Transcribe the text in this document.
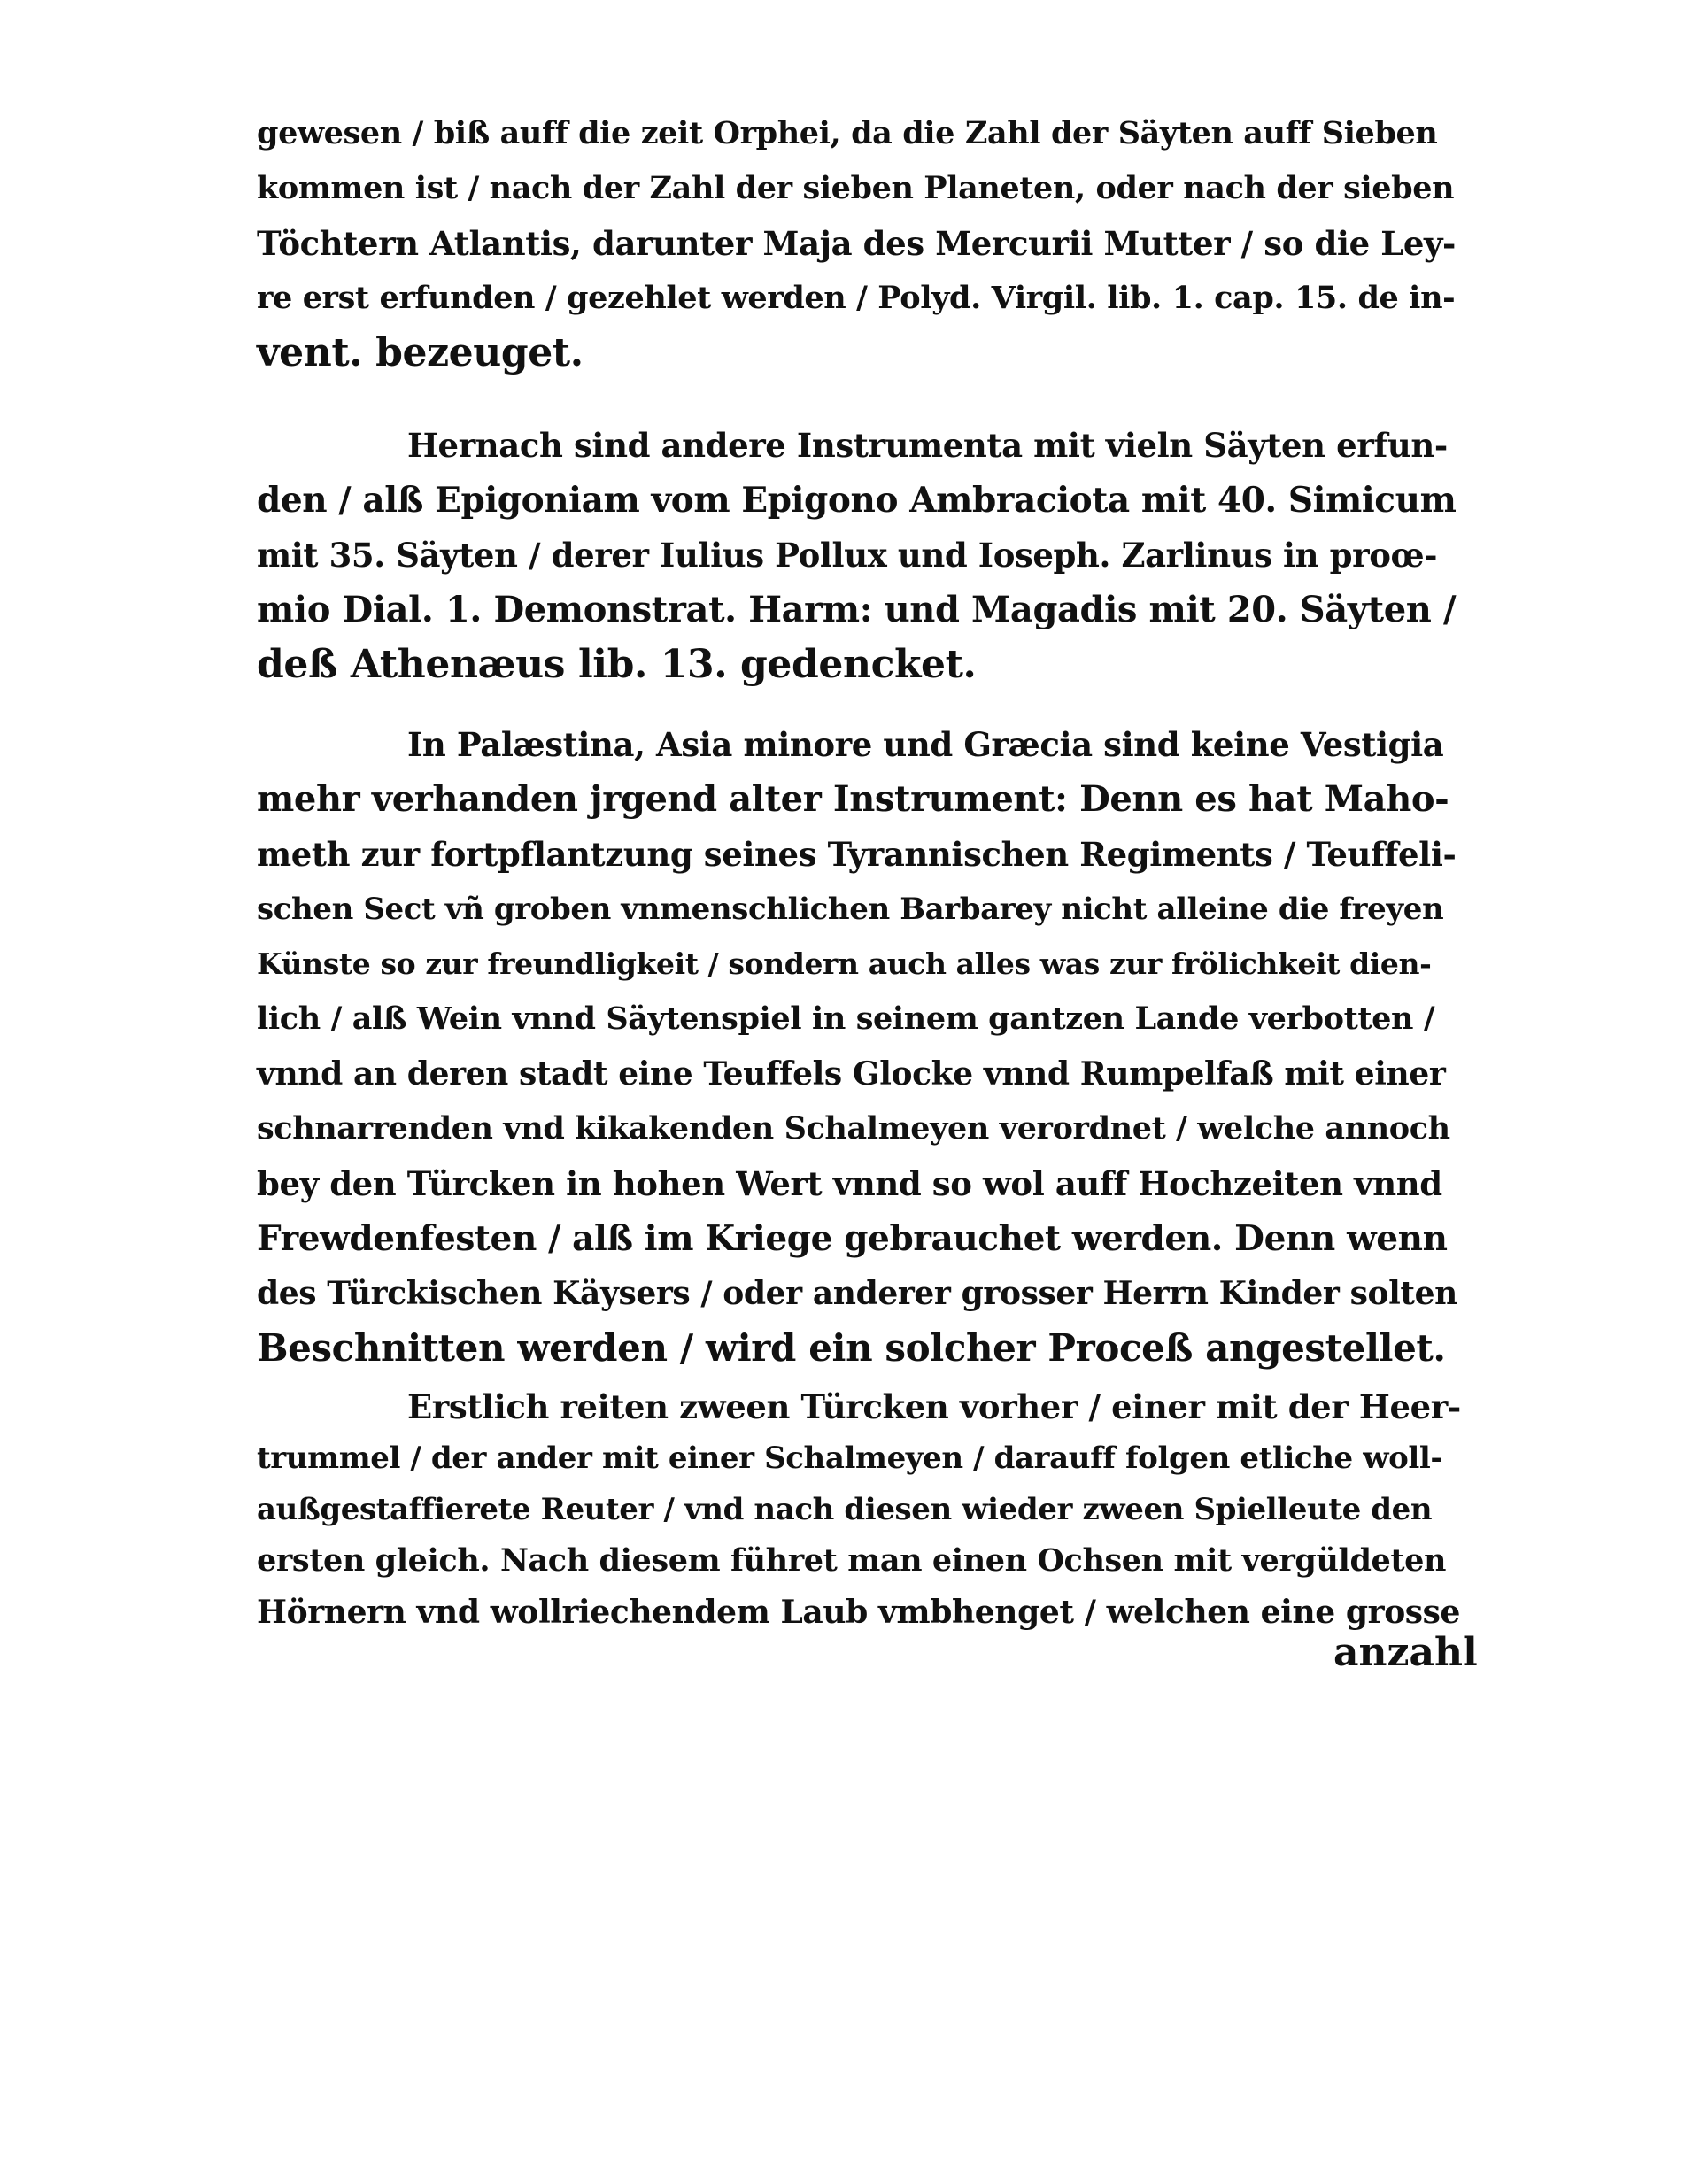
gewesen / biß auff die zeit Orphei, da die Zahl der Säyten auff Sieben
kommen ist / nach der Zahl der sieben Planeten, oder nach der sieben
Töchtern Atlantis, darunter Maja des Mercurii Mutter / so die Ley-
re erst erfunden / gezehlet werden / Polyd. Virgil. lib. 1. cap. 15. de in-
vent. bezeuget.
Hernach sind andere Instrumenta mit vieln Säyten erfun-
den / alß Epigoniam vom Epigono Ambraciota mit 40. Simicum
mit 35. Säyten / derer Iulius Pollux und Ioseph. Zarlinus in proœ-
mio Dial. 1. Demonstrat. Harm: und Magadis mit 20. Säyten /
deß Athenæus lib. 13. gedencket.
In Palæstina, Asia minore und Græcia sind keine Vestigia
mehr verhanden jrgend alter Instrument: Denn es hat Maho-
meth zur fortpflantzung seines Tyrannischen Regiments / Teuffeli-
schen Sect vñ groben vnmenschlichen Barbarey nicht alleine die freyen
Künste so zur freundligkeit / sondern auch alles was zur frölichkeit dien-
lich / alß Wein vnnd Säytenspiel in seinem gantzen Lande verbotten /
vnnd an deren stadt eine Teuffels Glocke vnnd Rumpelfaß mit einer
schnarrenden vnd kikakenden Schalmeyen verordnet / welche annoch
bey den Türcken in hohen Wert vnnd so wol auff Hochzeiten vnnd
Frewdenfesten / alß im Kriege gebrauchet werden. Denn wenn
des Türckischen Käysers / oder anderer grosser Herrn Kinder solten
Beschnitten werden / wird ein solcher Proceß angestellet.
Erstlich reiten zween Türcken vorher / einer mit der Heer-
trummel / der ander mit einer Schalmeyen / darauff folgen etliche woll-
außgestaffierete Reuter / vnd nach diesen wieder zween Spielleute den
ersten gleich. Nach diesem führet man einen Ochsen mit vergüldeten
Hörnern vnd wollriechendem Laub vmbhenget / welchen eine grosse
anzahl
